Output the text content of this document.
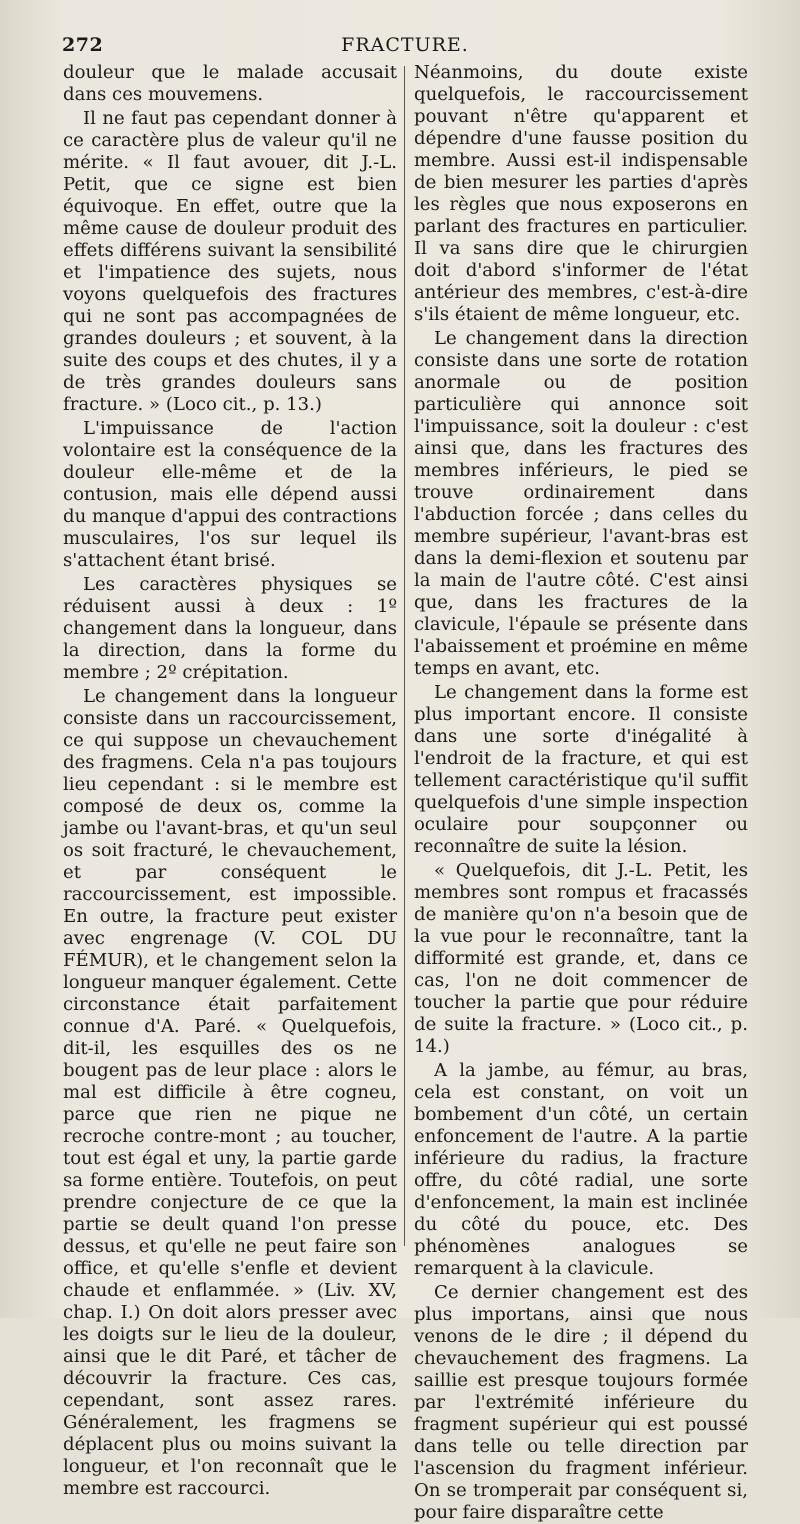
272	FRACTURE.

douleur que le malade accusait dans ces mouvemens.

Il ne faut pas cependant donner à ce caractère plus de valeur qu'il ne mérite. « Il faut avouer, dit J.-L. Petit, que ce signe est bien équivoque. En effet, outre que la même cause de douleur produit des effets différens suivant la sensibilité et l'impatience des sujets, nous voyons quelquefois des fractures qui ne sont pas accompagnées de grandes douleurs ; et souvent, à la suite des coups et des chutes, il y a de très grandes douleurs sans fracture. » (Loco cit., p. 13.)

L'impuissance de l'action volontaire est la conséquence de la douleur elle-même et de la contusion, mais elle dépend aussi du manque d'appui des contractions musculaires, l'os sur lequel ils s'attachent étant brisé.

Les caractères physiques se réduisent aussi à deux : 1º changement dans la longueur, dans la direction, dans la forme du membre ; 2º crépitation.

Le changement dans la longueur consiste dans un raccourcissement, ce qui suppose un chevauchement des fragmens. Cela n'a pas toujours lieu cependant : si le membre est composé de deux os, comme la jambe ou l'avant-bras, et qu'un seul os soit fracturé, le chevauchement, et par conséquent le raccourcissement, est impossible. En outre, la fracture peut exister avec engrenage (V. COL DU FÉMUR), et le changement selon la longueur manquer également. Cette circonstance était parfaitement connue d'A. Paré. « Quelquefois, dit-il, les esquilles des os ne bougent pas de leur place : alors le mal est difficile à être cogneu, parce que rien ne pique ne recroche contre-mont ; au toucher, tout est égal et uny, la partie garde sa forme entière. Toutefois, on peut prendre conjecture de ce que la partie se deult quand l'on presse dessus, et qu'elle ne peut faire son office, et qu'elle s'enfle et devient chaude et enflammée. » (Liv. XV, chap. I.) On doit alors presser avec les doigts sur le lieu de la douleur, ainsi que le dit Paré, et tâcher de découvrir la fracture. Ces cas, cependant, sont assez rares. Généralement, les fragmens se déplacent plus ou moins suivant la longueur, et l'on reconnaît que le membre est raccourci.

Néanmoins, du doute existe quelquefois, le raccourcissement pouvant n'être qu'apparent et dépendre d'une fausse position du membre. Aussi est-il indispensable de bien mesurer les parties d'après les règles que nous exposerons en parlant des fractures en particulier. Il va sans dire que le chirurgien doit d'abord s'informer de l'état antérieur des membres, c'est-à-dire s'ils étaient de même longueur, etc.

Le changement dans la direction consiste dans une sorte de rotation anormale ou de position particulière qui annonce soit l'impuissance, soit la douleur : c'est ainsi que, dans les fractures des membres inférieurs, le pied se trouve ordinairement dans l'abduction forcée ; dans celles du membre supérieur, l'avant-bras est dans la demi-flexion et soutenu par la main de l'autre côté. C'est ainsi que, dans les fractures de la clavicule, l'épaule se présente dans l'abaissement et proémine en même temps en avant, etc.

Le changement dans la forme est plus important encore. Il consiste dans une sorte d'inégalité à l'endroit de la fracture, et qui est tellement caractéristique qu'il suffit quelquefois d'une simple inspection oculaire pour soupçonner ou reconnaître de suite la lésion.

« Quelquefois, dit J.-L. Petit, les membres sont rompus et fracassés de manière qu'on n'a besoin que de la vue pour le reconnaître, tant la difformité est grande, et, dans ce cas, l'on ne doit commencer de toucher la partie que pour réduire de suite la fracture. » (Loco cit., p. 14.)

A la jambe, au fémur, au bras, cela est constant, on voit un bombement d'un côté, un certain enfoncement de l'autre. A la partie inférieure du radius, la fracture offre, du côté radial, une sorte d'enfoncement, la main est inclinée du côté du pouce, etc. Des phénomènes analogues se remarquent à la clavicule.

Ce dernier changement est des plus importans, ainsi que nous venons de le dire ; il dépend du chevauchement des fragmens. La saillie est presque toujours formée par l'extrémité inférieure du fragment supérieur qui est poussé dans telle ou telle direction par l'ascension du fragment inférieur. On se tromperait par conséquent si, pour faire disparaître cette
